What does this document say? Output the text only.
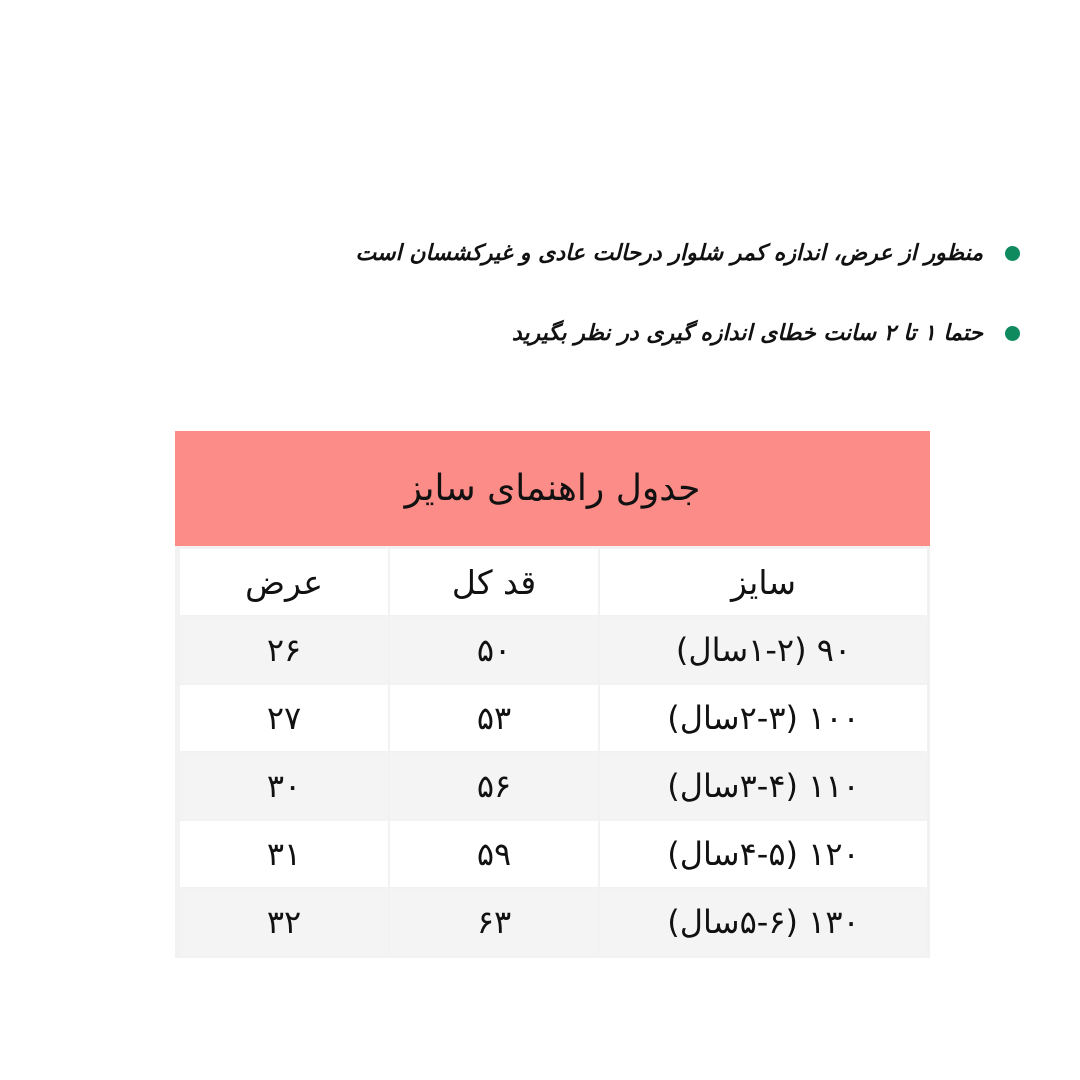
منظور از عرض، اندازه کمر شلوار درحالت عادی و غیرکشسان است
حتما ۱ تا ۲ سانت خطای اندازه گیری در نظر بگیرید
جدول راهنمای سایز
سایز
قد کل
عرض
۹۰ (۱-۲سال)
۵۰
۲۶
۱۰۰ (۲-۳سال)
۵۳
۲۷
۱۱۰ (۳-۴سال)
۵۶
۳۰
۱۲۰ (۴-۵سال)
۵۹
۳۱
۱۳۰ (۵-۶سال)
۶۳
۳۲
